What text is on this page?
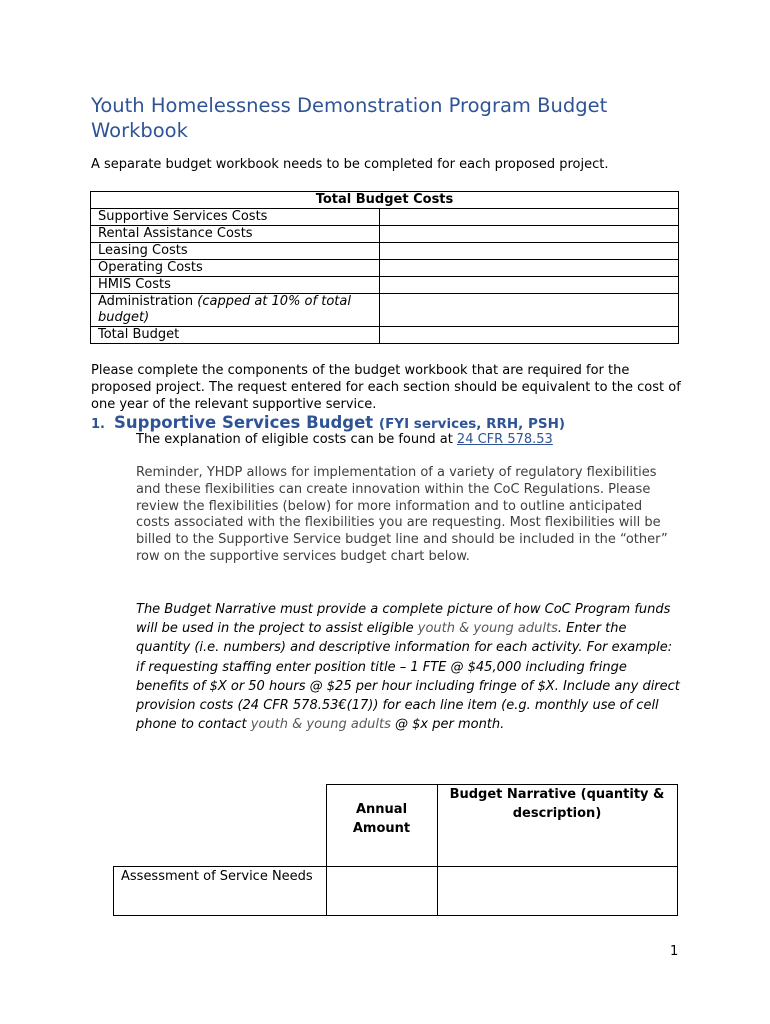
Youth Homelessness Demonstration Program Budget Workbook

A separate budget workbook needs to be completed for each proposed project.

Total Budget Costs	
Supportive Services Costs	
Rental Assistance Costs	
Leasing Costs	
Operating Costs	
HMIS Costs	
Administration (capped at 10% of total budget)	
Total Budget	

Please complete the components of the budget workbook that are required for the proposed project. The request entered for each section should be equivalent to the cost of one year of the relevant supportive service.

1. Supportive Services Budget (FYI services, RRH, PSH)

The explanation of eligible costs can be found at 24 CFR 578.53

Reminder, YHDP allows for implementation of a variety of regulatory flexibilities and these flexibilities can create innovation within the CoC Regulations. Please review the flexibilities (below) for more information and to outline anticipated costs associated with the flexibilities you are requesting. Most flexibilities will be billed to the Supportive Service budget line and should be included in the “other” row on the supportive services budget chart below.

The Budget Narrative must provide a complete picture of how CoC Program funds will be used in the project to assist eligible youth & young adults. Enter the quantity (i.e. numbers) and descriptive information for each activity. For example: if requesting staffing enter position title – 1 FTE @ $45,000 including fringe benefits of $X or 50 hours @ $25 per hour including fringe of $X. Include any direct provision costs (24 CFR 578.53€(17)) for each line item (e.g. monthly use of cell phone to contact youth & young adults @ $x per month.

	Annual Amount	Budget Narrative (quantity & description)
Assessment of Service Needs		
1
